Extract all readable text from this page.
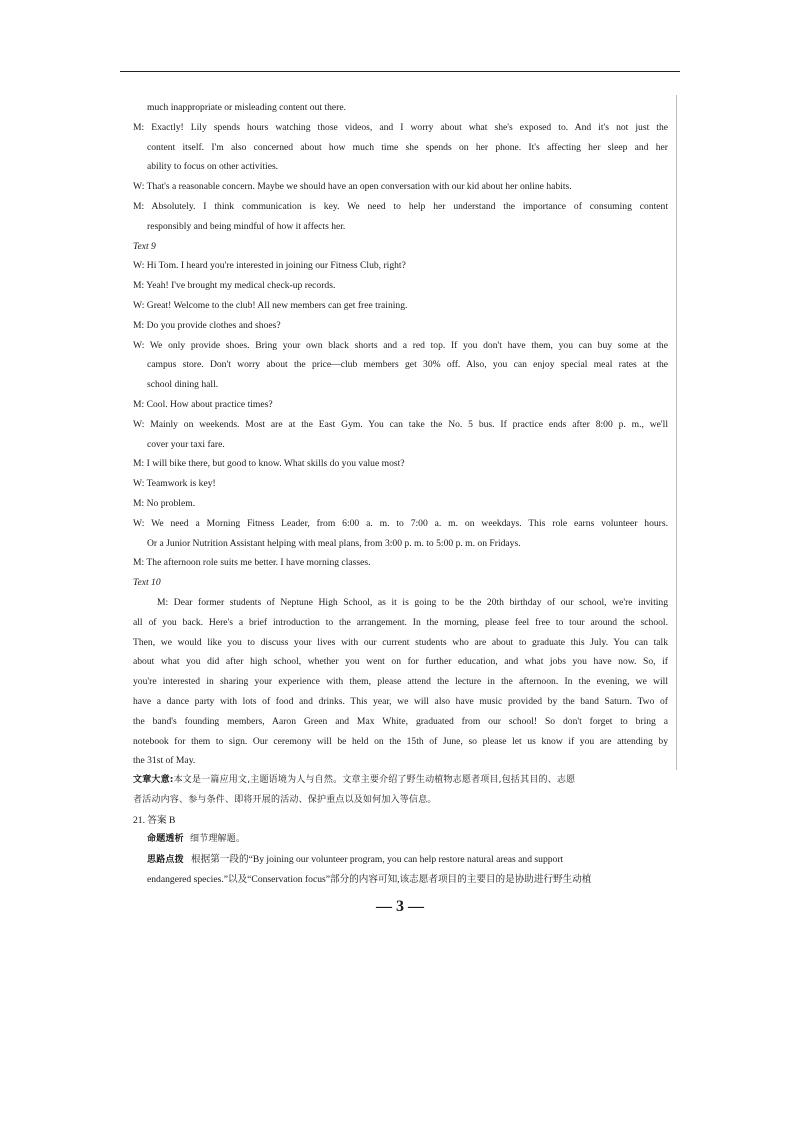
much inappropriate or misleading content out there.
M: Exactly! Lily spends hours watching those videos, and I worry about what she's exposed to. And it's not just the
content itself. I'm also concerned about how much time she spends on her phone. It's affecting her sleep and her
ability to focus on other activities.
W: That's a reasonable concern. Maybe we should have an open conversation with our kid about her online habits.
M: Absolutely. I think communication is key. We need to help her understand the importance of consuming content
responsibly and being mindful of how it affects her.
Text 9
W: Hi Tom. I heard you're interested in joining our Fitness Club, right?
M: Yeah! I've brought my medical check-up records.
W: Great! Welcome to the club! All new members can get free training.
M: Do you provide clothes and shoes?
W: We only provide shoes. Bring your own black shorts and a red top. If you don't have them, you can buy some at the
campus store. Don't worry about the price—club members get 30% off. Also, you can enjoy special meal rates at the
school dining hall.
M: Cool. How about practice times?
W: Mainly on weekends. Most are at the East Gym. You can take the No. 5 bus. If practice ends after 8:00 p. m., we'll
cover your taxi fare.
M: I will bike there, but good to know. What skills do you value most?
W: Teamwork is key!
M: No problem.
W: We need a Morning Fitness Leader, from 6:00 a. m. to 7:00 a. m. on weekdays. This role earns volunteer hours.
Or a Junior Nutrition Assistant helping with meal plans, from 3:00 p. m. to 5:00 p. m. on Fridays.
M: The afternoon role suits me better. I have morning classes.
Text 10
M: Dear former students of Neptune High School, as it is going to be the 20th birthday of our school, we're inviting
all of you back. Here's a brief introduction to the arrangement. In the morning, please feel free to tour around the school.
Then, we would like you to discuss your lives with our current students who are about to graduate this July. You can talk
about what you did after high school, whether you went on for further education, and what jobs you have now. So, if
you're interested in sharing your experience with them, please attend the lecture in the afternoon. In the evening, we will
have a dance party with lots of food and drinks. This year, we will also have music provided by the band Saturn. Two of
the band's founding members, Aaron Green and Max White, graduated from our school! So don't forget to bring a
notebook for them to sign. Our ceremony will be held on the 15th of June, so please let us know if you are attending by
the 31st of May.
文章大意:本文是一篇应用文,主题语境为人与自然。文章主要介绍了野生动植物志愿者项目,包括其目的、志愿
者活动内容、参与条件、即将开展的活动、保护重点以及如何加入等信息。
21. 答案 B
命题透析 细节理解题。
思路点拨 根据第一段的“By joining our volunteer program, you can help restore natural areas and support
endangered species.”以及“Conservation focus”部分的内容可知,该志愿者项目的主要目的是协助进行野生动植
— 3 —
